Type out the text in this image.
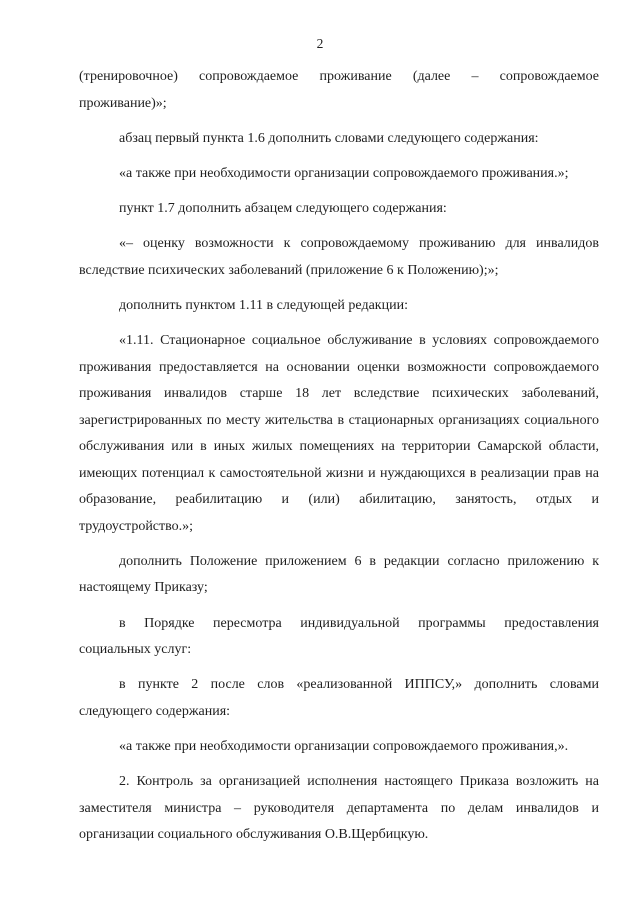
2

(тренировочное) сопровождаемое проживание (далее – сопровождаемое проживание)»;

абзац первый пункта 1.6 дополнить словами следующего содержания:

«а также при необходимости организации сопровождаемого проживания.»;

пункт 1.7 дополнить абзацем следующего содержания:

«– оценку возможности к сопровождаемому проживанию для инвалидов вследствие психических заболеваний (приложение 6 к Положению);»;

дополнить пунктом 1.11 в следующей редакции:

«1.11. Стационарное социальное обслуживание в условиях сопровождаемого проживания предоставляется на основании оценки возможности сопровождаемого проживания инвалидов старше 18 лет вследствие психических заболеваний, зарегистрированных по месту жительства в стационарных организациях социального обслуживания или в иных жилых помещениях на территории Самарской области, имеющих потенциал к самостоятельной жизни и нуждающихся в реализации прав на образование, реабилитацию и (или) абилитацию, занятость, отдых и трудоустройство.»;

дополнить Положение приложением 6 в редакции согласно приложению к настоящему Приказу;

в Порядке пересмотра индивидуальной программы предоставления социальных услуг:

в пункте 2 после слов «реализованной ИППСУ,» дополнить словами следующего содержания:

«а также при необходимости организации сопровождаемого проживания,».

2. Контроль за организацией исполнения настоящего Приказа возложить на заместителя министра – руководителя департамента по делам инвалидов и организации социального обслуживания О.В.Щербицкую.
